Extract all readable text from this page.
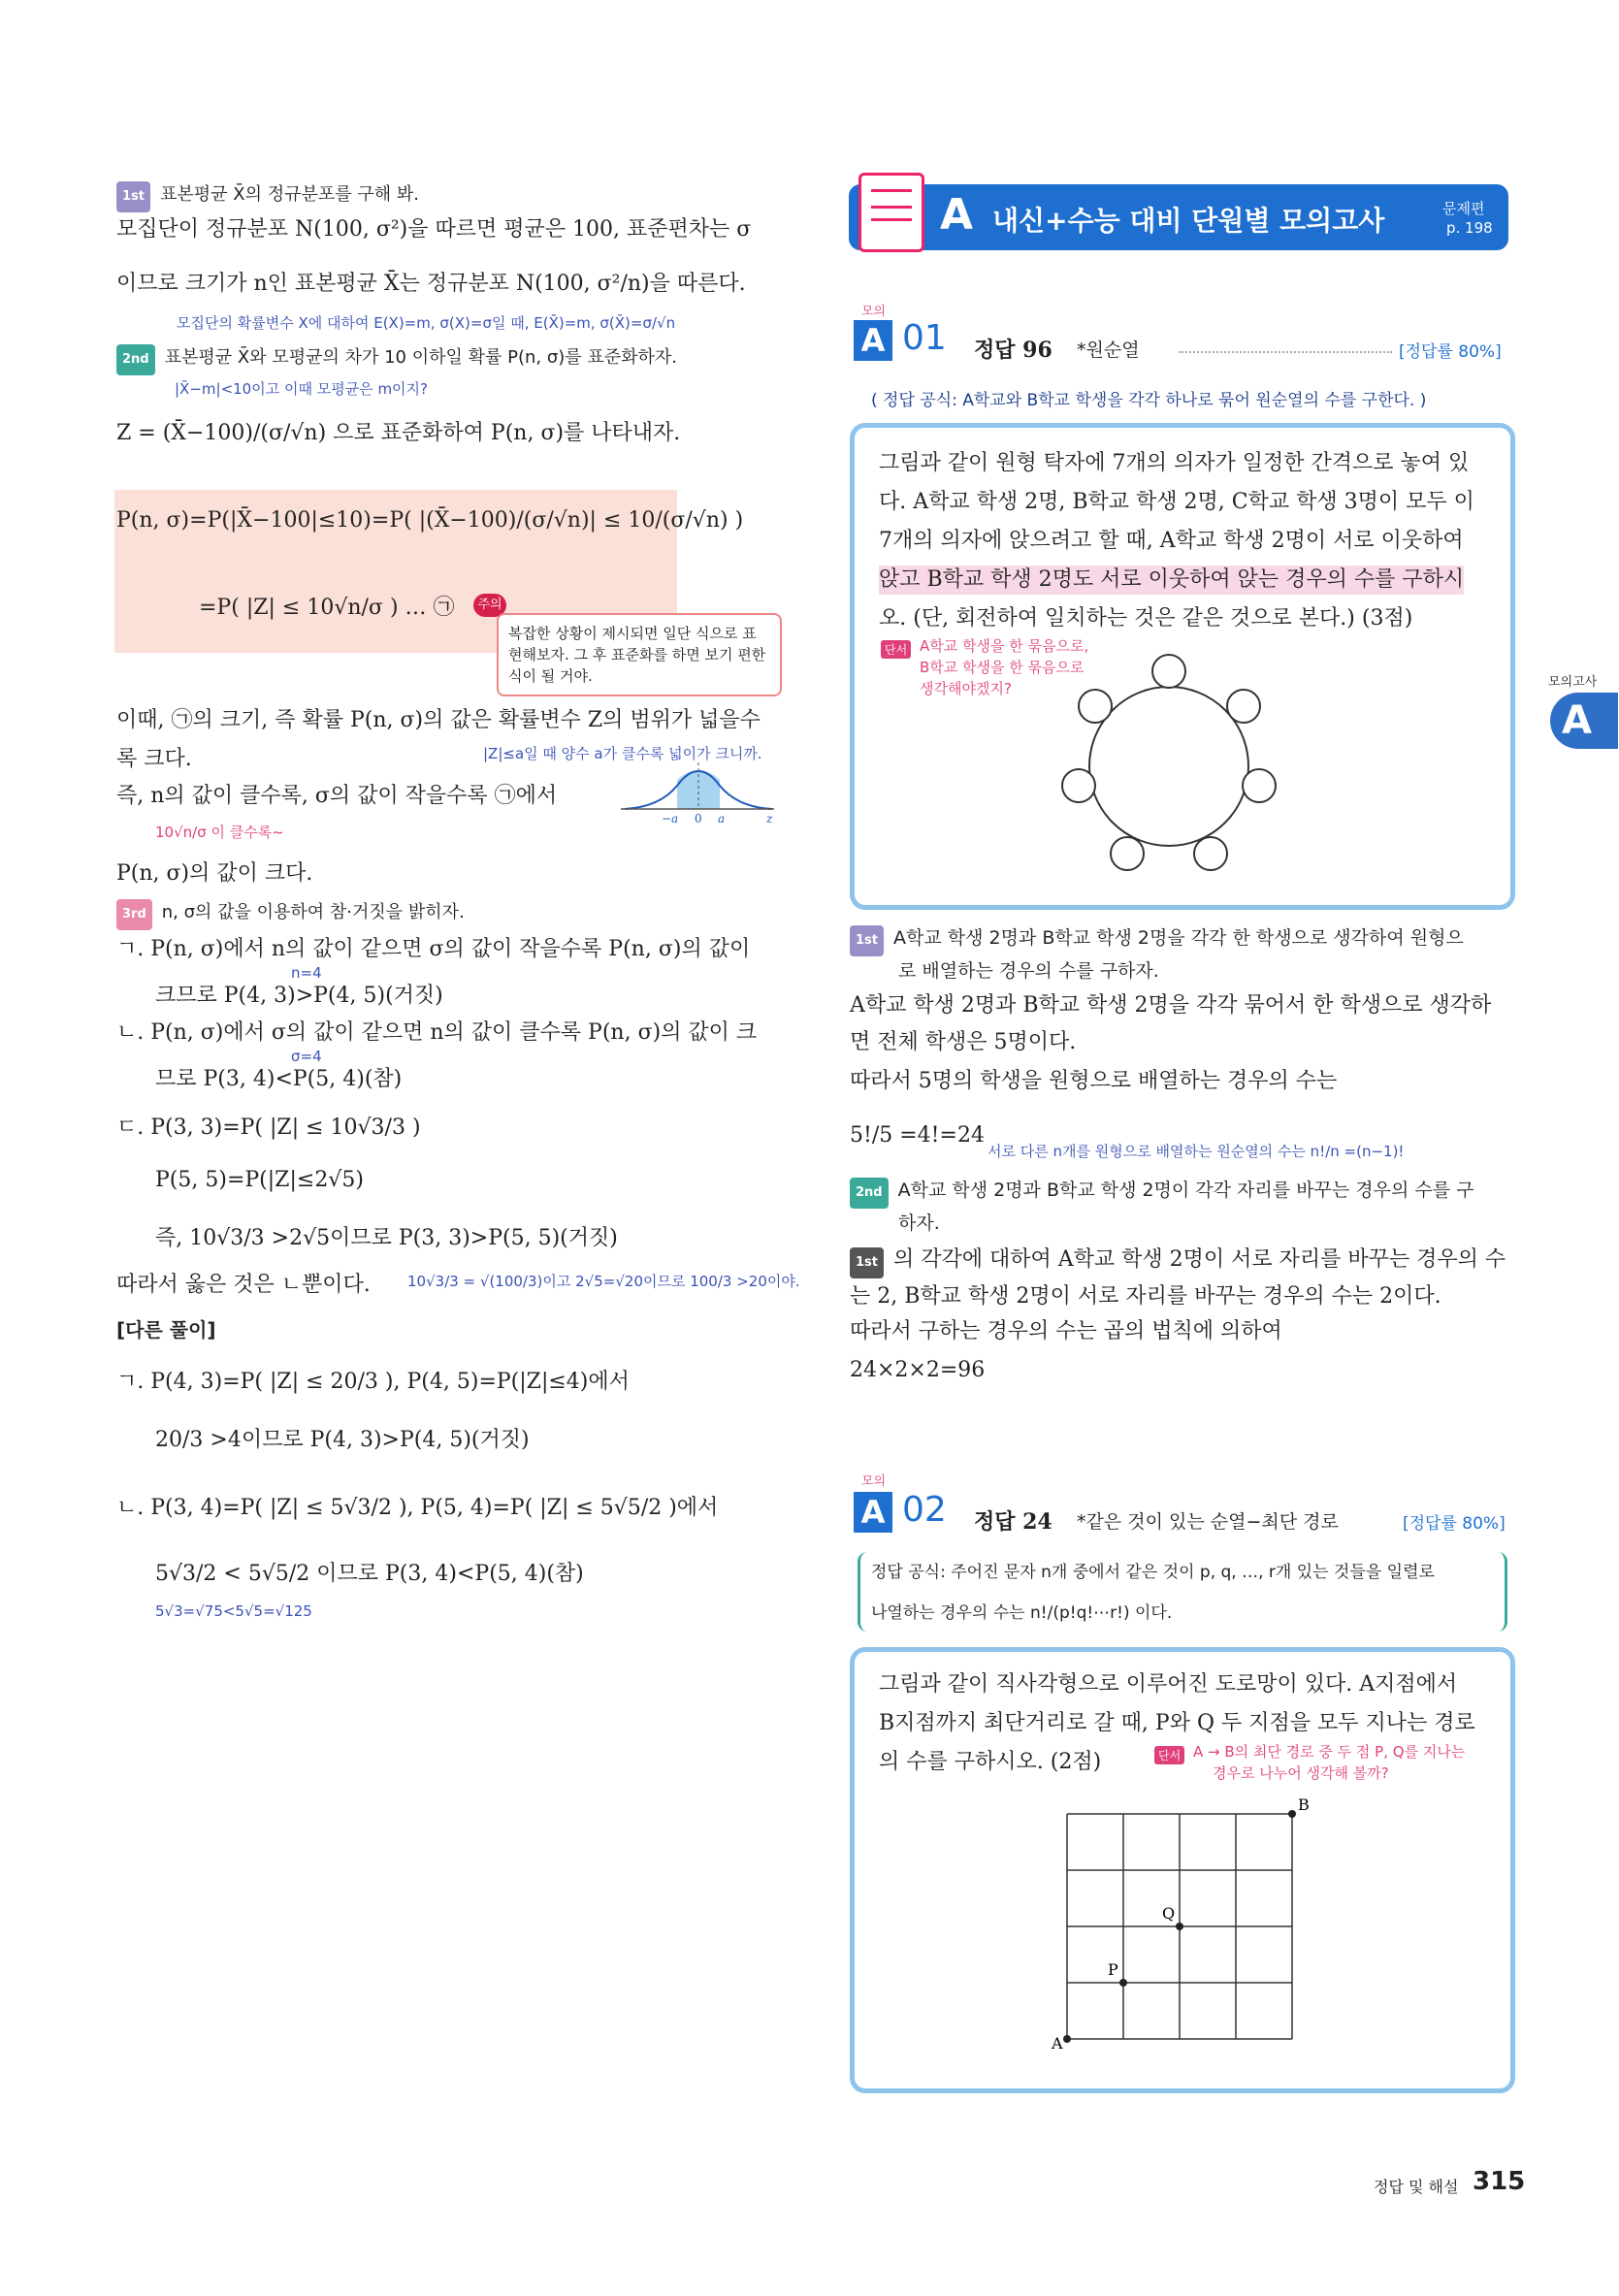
1st 표본평균 X̄의 정규분포를 구해 봐.
모집단이 정규분포 N(100, σ²)을 따르면 평균은 100, 표준편차는 σ
이므로 크기가 n인 표본평균 X̄는 정규분포 N(100, σ²/n)을 따른다.
모집단의 확률변수 X에 대하여 E(X)=m, σ(X)=σ일 때, E(X̄)=m, σ(X̄)=σ/√n
2nd 표본평균 X̄와 모평균의 차가 10 이하일 확률 P(n, σ)를 표준화하자.
|X̄−m|<10이고 이때 모평균은 m이지?
Z = (X̄−100)/(σ/√n) 으로 표준화하여 P(n, σ)를 나타내자.
P(n, σ)=P(|X̄−100|≤10)=P( |(X̄−100)/(σ/√n)| ≤ 10/(σ/√n) )
=P( |Z| ≤ 10√n/σ ) … ㉠	주의
복잡한 상황이 제시되면 일단 식으로 표현해보자. 그 후 표준화를 하면 보기 편한 식이 될 거야.
이때, ㉠의 크기, 즉 확률 P(n, σ)의 값은 확률변수 Z의 범위가 넓을수
록 크다.	|Z|≤a일 때 양수 a가 클수록 넓이가 크니까.
즉, n의 값이 클수록, σ의 값이 작을수록 ㉠에서
10√n/σ 이 클수록~
P(n, σ)의 값이 크다.
−a 0 a	z
3rd n, σ의 값을 이용하여 참·거짓을 밝히자.
ㄱ. P(n, σ)에서 n의 값이 같으면 σ의 값이 작을수록 P(n, σ)의 값이
n=4
크므로 P(4, 3)>P(4, 5)(거짓)
ㄴ. P(n, σ)에서 σ의 값이 같으면 n의 값이 클수록 P(n, σ)의 값이 크
σ=4
므로 P(3, 4)<P(5, 4)(참)
ㄷ. P(3, 3)=P( |Z| ≤ 10√3/3 )
P(5, 5)=P(|Z|≤2√5)
즉, 10√3/3 >2√5이므로 P(3, 3)>P(5, 5)(거짓)
따라서 옳은 것은 ㄴ뿐이다.	10√3/3 = √(100/3)이고 2√5=√20이므로 100/3 >20이야.
[다른 풀이]
ㄱ. P(4, 3)=P( |Z| ≤ 20/3 ), P(4, 5)=P(|Z|≤4)에서
20/3 >4이므로 P(4, 3)>P(4, 5)(거짓)
ㄴ. P(3, 4)=P( |Z| ≤ 5√3/2 ), P(5, 4)=P( |Z| ≤ 5√5/2 )에서
5√3/2 < 5√5/2 이므로 P(3, 4)<P(5, 4)(참)
5√3=√75<5√5=√125
A 내신+수능 대비 단원별 모의고사	문제편
p. 198
모의
A 01 정답 96 *원순열	[정답률 80%]
( 정답 공식: A학교와 B학교 학생을 각각 하나로 묶어 원순열의 수를 구한다. )
그림과 같이 원형 탁자에 7개의 의자가 일정한 간격으로 놓여 있
다. A학교 학생 2명, B학교 학생 2명, C학교 학생 3명이 모두 이
7개의 의자에 앉으려고 할 때, A학교 학생 2명이 서로 이웃하여
앉고 B학교 학생 2명도 서로 이웃하여 앉는 경우의 수를 구하시
오. (단, 회전하여 일치하는 것은 같은 것으로 본다.) (3점)
단서 A학교 학생을 한 묶음으로,
B학교 학생을 한 묶음으로
생각해야겠지?
1st A학교 학생 2명과 B학교 학생 2명을 각각 한 학생으로 생각하여 원형으
로 배열하는 경우의 수를 구하자.
A학교 학생 2명과 B학교 학생 2명을 각각 묶어서 한 학생으로 생각하
면 전체 학생은 5명이다.
따라서 5명의 학생을 원형으로 배열하는 경우의 수는
5!/5 =4!=24
서로 다른 n개를 원형으로 배열하는 원순열의 수는 n!/n =(n−1)!
2nd A학교 학생 2명과 B학교 학생 2명이 각각 자리를 바꾸는 경우의 수를 구
하자.
1st 의 각각에 대하여 A학교 학생 2명이 서로 자리를 바꾸는 경우의 수
는 2, B학교 학생 2명이 서로 자리를 바꾸는 경우의 수는 2이다.
따라서 구하는 경우의 수는 곱의 법칙에 의하여
24×2×2=96
모의
A 02 정답 24 *같은 것이 있는 순열−최단 경로	[정답률 80%]
정답 공식: 주어진 문자 n개 중에서 같은 것이 p, q, …, r개 있는 것들을 일렬로
나열하는 경우의 수는 n!/(p!q!⋯r!) 이다.
그림과 같이 직사각형으로 이루어진 도로망이 있다. A지점에서
B지점까지 최단거리로 갈 때, P와 Q 두 지점을 모두 지나는 경로
의 수를 구하시오. (2점)	단서 A → B의 최단 경로 중 두 점 P, Q를 지나는
경우로 나누어 생각해 볼까?
A
B
P
Q
모의고사
A
정답 및 해설 315
